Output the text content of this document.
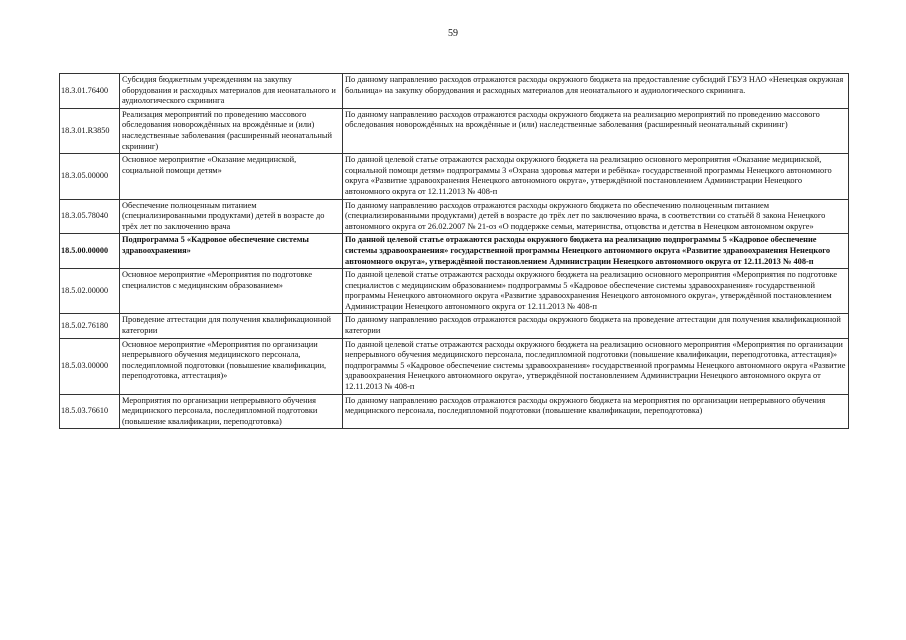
59
18.3.01.76400	Субсидия бюджетным учреждениям на закупку оборудования и расходных материалов для неонатального и аудиологического скрининга	По данному направлению расходов отражаются расходы окружного бюджета на предоставление субсидий ГБУЗ НАО «Ненецкая окружная больница» на закупку оборудования и расходных материалов для неонатального и аудиологического скрининга.
18.3.01.R3850	Реализация мероприятий по проведению массового обследования новорождённых на врождённые и (или) наследственные заболевания (расширенный неонатальный скрининг)	По данному направлению расходов отражаются расходы окружного бюджета на реализацию мероприятий по проведению массового обследования новорождённых на врождённые и (или) наследственные заболевания (расширенный неонатальный скрининг)
18.3.05.00000	Основное мероприятие «Оказание медицинской, социальной помощи детям»	По данной целевой статье отражаются расходы окружного бюджета на реализацию основного мероприятия «Оказание медицинской, социальной помощи детям» подпрограммы 3 «Охрана здоровья матери и ребёнка» государственной программы Ненецкого автономного округа «Развитие здравоохранения Ненецкого автономного округа», утверждённой постановлением Администрации Ненецкого автономного округа от 12.11.2013 № 408-п
18.3.05.78040	Обеспечение полноценным питанием (специализированными продуктами) детей в возрасте до трёх лет по заключению врача	По данному направлению расходов отражаются расходы окружного бюджета по обеспечению полноценным питанием (специализированными продуктами) детей в возрасте до трёх лет по заключению врача, в соответствии со статьёй 8 закона Ненецкого автономного округа от 26.02.2007 № 21-оз «О поддержке семьи, материнства, отцовства и детства в Ненецком автономном округе»
18.5.00.00000	Подпрограмма 5 «Кадровое обеспечение системы здравоохранения»	По данной целевой статье отражаются расходы окружного бюджета на реализацию подпрограммы 5 «Кадровое обеспечение системы здравоохранения» государственной программы Ненецкого автономного округа «Развитие здравоохранения Ненецкого автономного округа», утверждённой постановлением Администрации Ненецкого автономного округа от 12.11.2013 № 408-п
18.5.02.00000	Основное мероприятие «Мероприятия по подготовке специалистов с медицинским образованием»	По данной целевой статье отражаются расходы окружного бюджета на реализацию основного мероприятия «Мероприятия по подготовке специалистов с медицинским образованием» подпрограммы 5 «Кадровое обеспечение системы здравоохранения» государственной программы Ненецкого автономного округа «Развитие здравоохранения Ненецкого автономного округа», утверждённой постановлением Администрации Ненецкого автономного округа от 12.11.2013 № 408-п
18.5.02.76180	Проведение аттестации для получения квалификационной категории	По данному направлению расходов отражаются расходы окружного бюджета на проведение аттестации для получения квалификационной категории
18.5.03.00000	Основное мероприятие «Мероприятия по организации непрерывного обучения медицинского персонала, последипломной подготовки (повышение квалификации, переподготовка, аттестация)»	По данной целевой статье отражаются расходы окружного бюджета на реализацию основного мероприятия «Мероприятия по организации непрерывного обучения медицинского персонала, последипломной подготовки (повышение квалификации, переподготовка, аттестация)» подпрограммы 5 «Кадровое обеспечение системы здравоохранения» государственной программы Ненецкого автономного округа «Развитие здравоохранения Ненецкого автономного округа», утверждённой постановлением Администрации Ненецкого автономного округа от 12.11.2013 № 408-п
18.5.03.76610	Мероприятия по организации непрерывного обучения медицинского персонала, последипломной подготовки (повышение квалификации, переподготовка)	По данному направлению расходов отражаются расходы окружного бюджета на мероприятия по организации непрерывного обучения медицинского персонала, последипломной подготовки (повышение квалификации, переподготовка)
